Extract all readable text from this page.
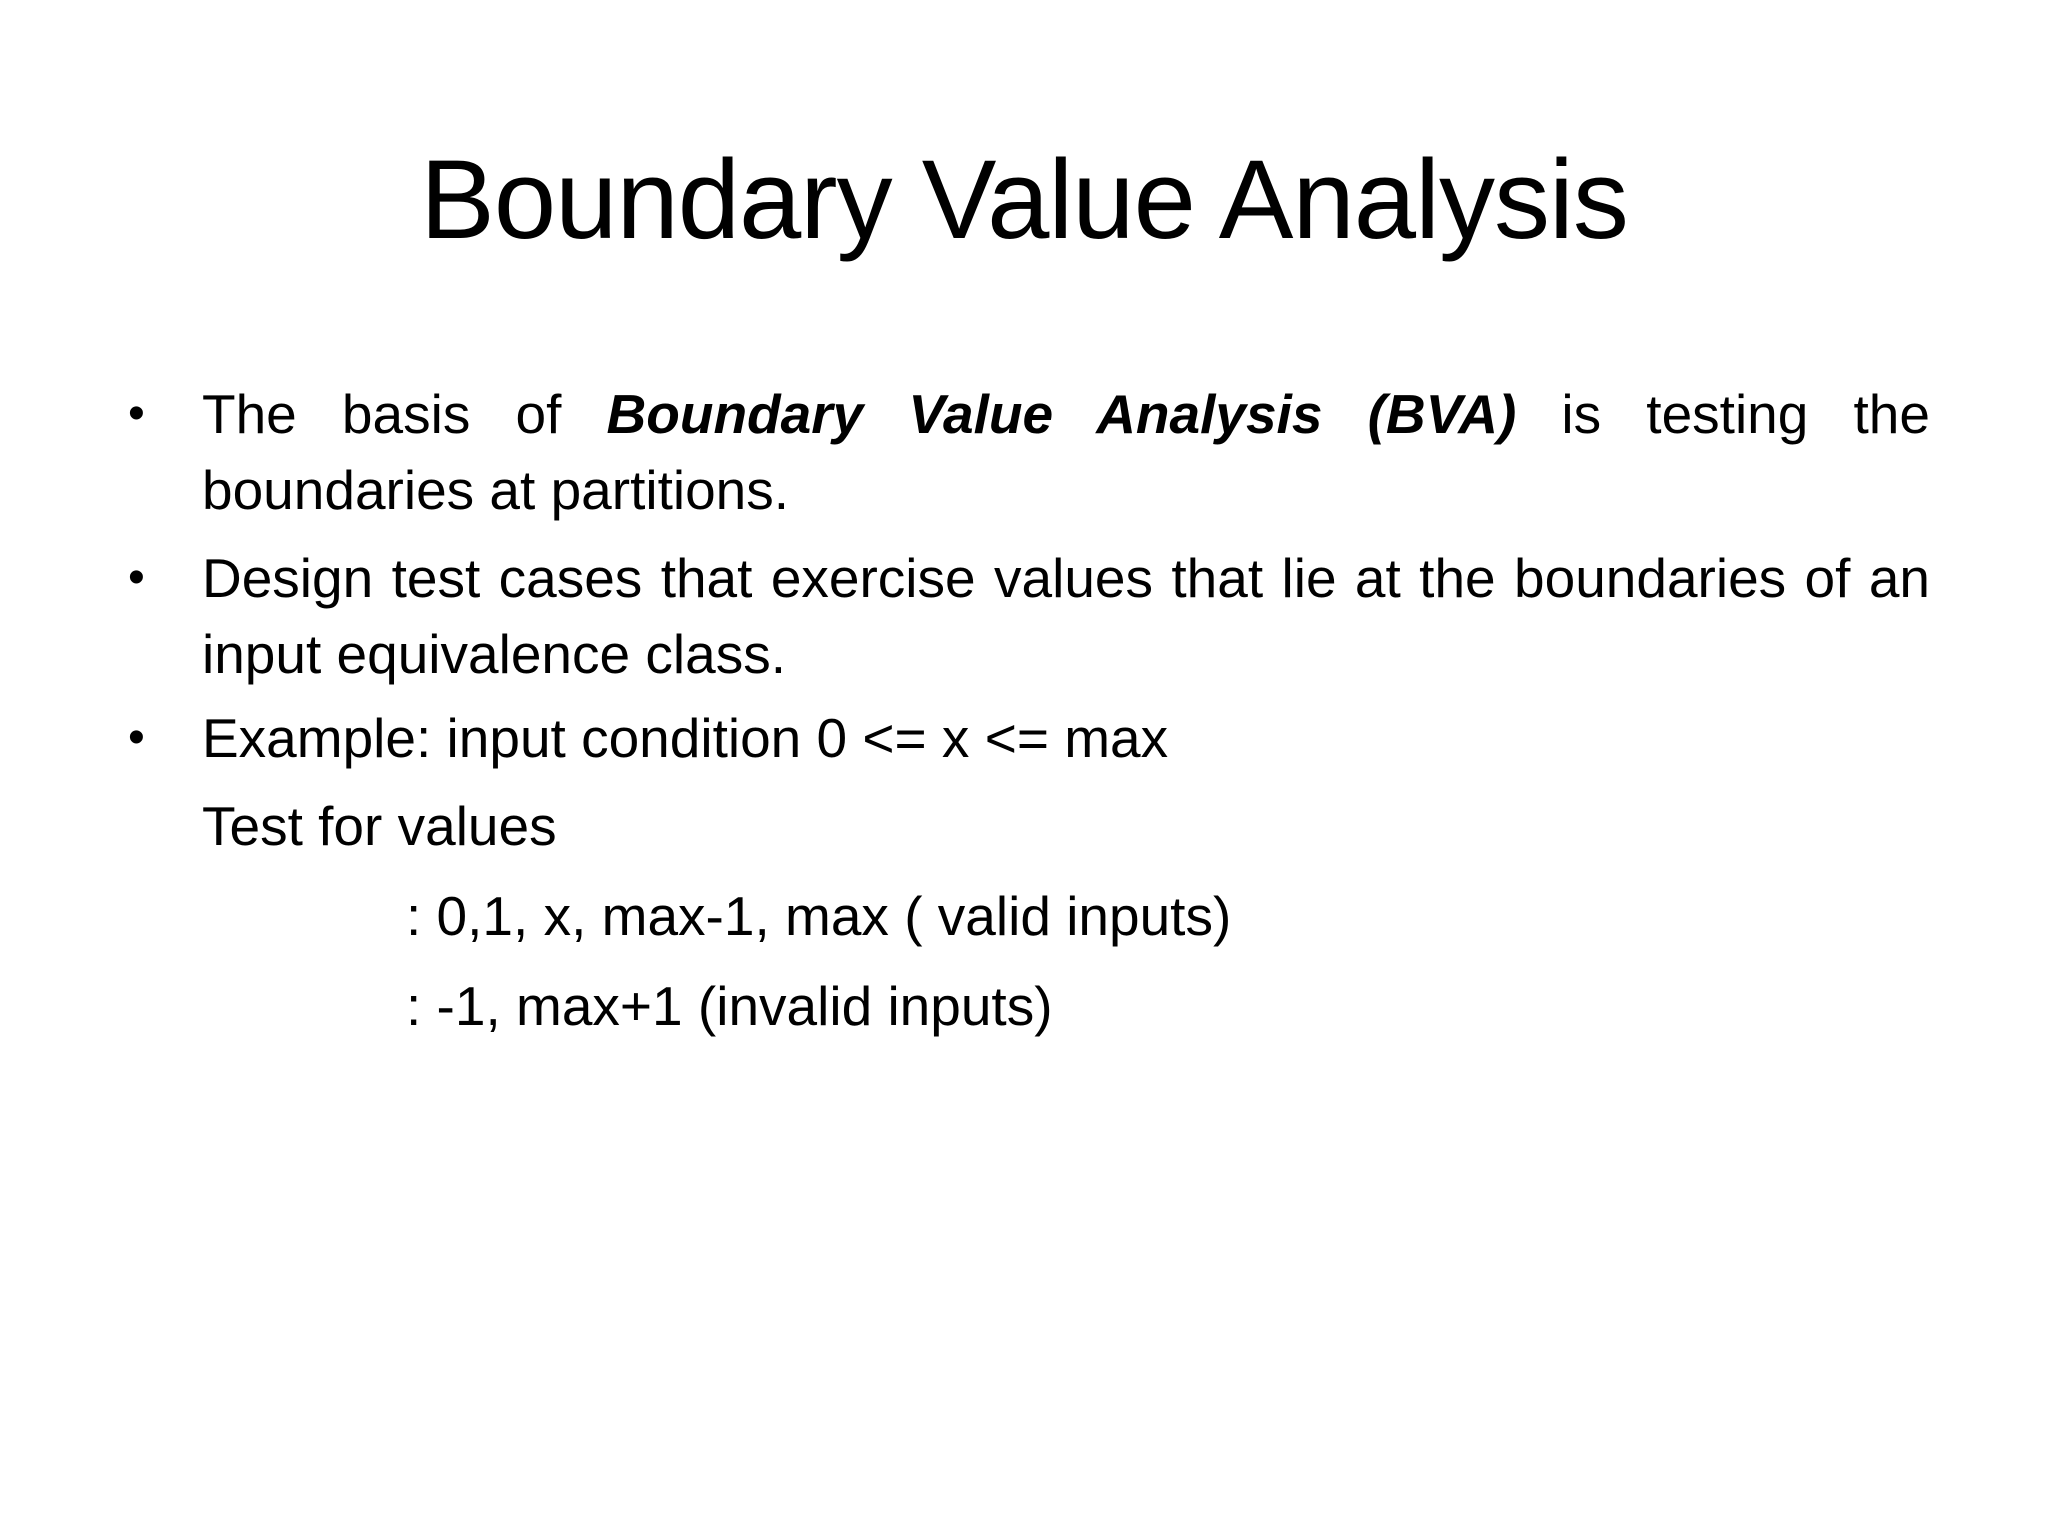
Boundary Value Analysis
• The basis of Boundary Value Analysis (BVA) is testing the boundaries at partitions.

• Design test cases that exercise values that lie at the boundaries of an input equivalence class.

• Example: input condition 0 <= x <= max

Test for values

: 0,1, x, max-1, max ( valid inputs)

: -1, max+1 (invalid inputs)
